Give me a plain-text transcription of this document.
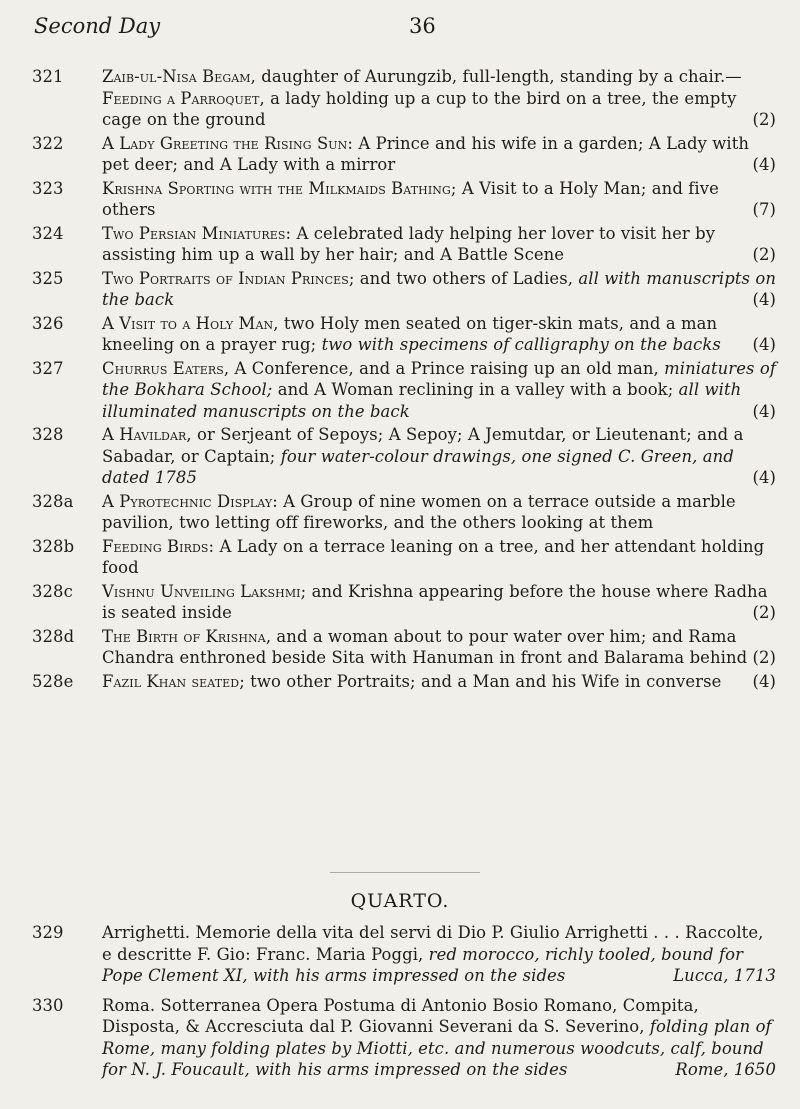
Second Day	36
321 Zaib-ul-Nisa Begam, daughter of Aurungzib, full-length, standing by a chair.—Feeding a Parroquet, a lady holding up a cup to the bird on a tree, the empty cage on the ground	(2)
322 A Lady Greeting the Rising Sun: A Prince and his wife in a garden; A Lady with pet deer; and A Lady with a mirror	(4)
323 Krishna Sporting with the Milkmaids Bathing; A Visit to a Holy Man; and five others	(7)
324 Two Persian Miniatures: A celebrated lady helping her lover to visit her by assisting him up a wall by her hair; and A Battle Scene	(2)
325 Two Portraits of Indian Princes; and two others of Ladies, all with manuscripts on the back	(4)
326 A Visit to a Holy Man, two Holy men seated on tiger-skin mats, and a man kneeling on a prayer rug; two with specimens of calligraphy on the backs (4)
327 Churrus Eaters, A Conference, and a Prince raising up an old man, miniatures of the Bokhara School; and A Woman reclining in a valley with a book; all with illuminated manuscripts on the back	(4)
328 A Havildar, or Serjeant of Sepoys; A Sepoy; A Jemutdar, or Lieutenant; and a Sabadar, or Captain; four water-colour drawings, one signed C. Green, and dated 1785	(4)
328a A Pyrotechnic Display: A Group of nine women on a terrace outside a marble pavilion, two letting off fireworks, and the others looking at them
328b Feeding Birds: A Lady on a terrace leaning on a tree, and her attendant holding food
328c Vishnu Unveiling Lakshmi; and Krishna appearing before the house where Radha is seated inside	(2)
328d The Birth of Krishna, and a woman about to pour water over him; and Rama Chandra enthroned beside Sita with Hanuman in front and Balarama behind (2)
528e Fazil Khan seated; two other Portraits; and a Man and his Wife in converse (4)
QUARTO.
329 Arrighetti. Memorie della vita del servi di Dio P. Giulio Arrighetti . . . Raccolte, e descritte F. Gio: Franc. Maria Poggi, red morocco, richly tooled, bound for Pope Clement XI, with his arms impressed on the sides	Lucca, 1713
330 Roma. Sotterranea Opera Postuma di Antonio Bosio Romano, Compita, Disposta, & Accresciuta dal P. Giovanni Severani da S. Severino, folding plan of Rome, many folding plates by Miotti, etc. and numerous woodcuts, calf, bound for N. J. Foucault, with his arms impressed on the sides	Rome, 1650
